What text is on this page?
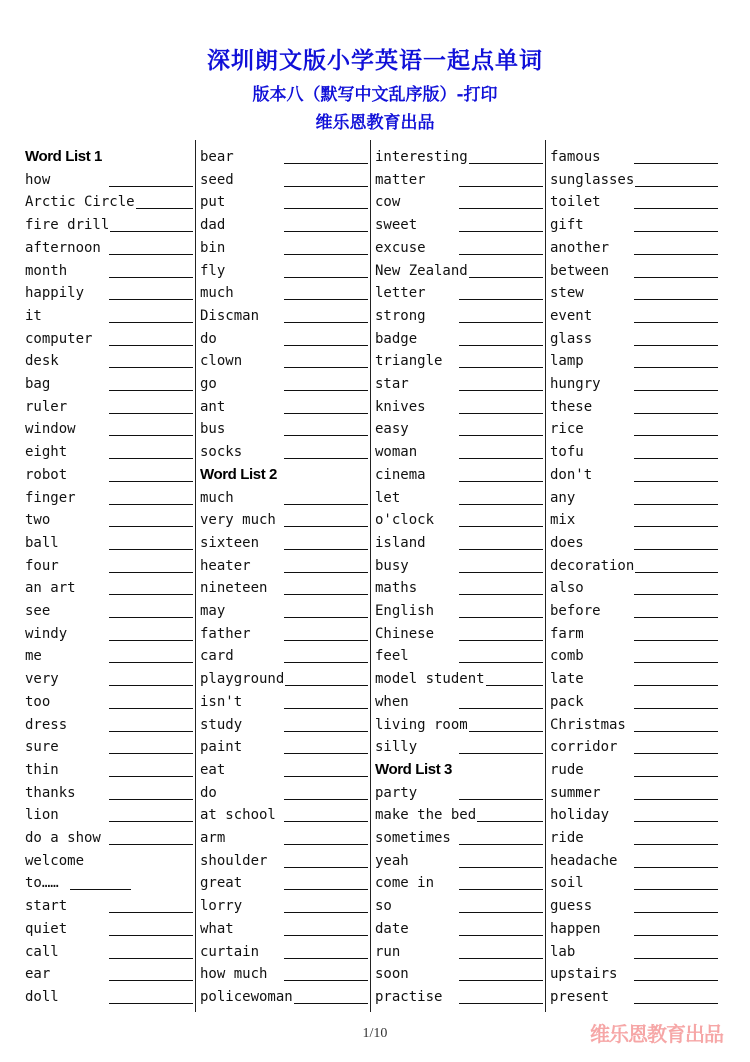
深圳朗文版小学英语一起点单词
版本八（默写中文乱序版）-打印
维乐恩教育出品
Word List 1
how
Arctic Circle
fire drill
afternoon
month
happily
it
computer
desk
bag
ruler
window
eight
robot
finger
two
ball
four
an art
see
windy
me
very
too
dress
sure
thin
thanks
lion
do a show
welcome
to……
start
quiet
call
ear
doll
bear
seed
put
dad
bin
fly
much
Discman
do
clown
go
ant
bus
socks
Word List 2
much
very much
sixteen
heater
nineteen
may
father
card
playground
isn't
study
paint
eat
do
at school
arm
shoulder
great
lorry
what
curtain
how much
policewoman
interesting
matter
cow
sweet
excuse
New Zealand
letter
strong
badge
triangle
star
knives
easy
woman
cinema
let
o'clock
island
busy
maths
English
Chinese
feel
model student
when
living room
silly
Word List 3
party
make the bed
sometimes
yeah
come in
so
date
run
soon
practise
famous
sunglasses
toilet
gift
another
between
stew
event
glass
lamp
hungry
these
rice
tofu
don't
any
mix
does
decoration
also
before
farm
comb
late
pack
Christmas
corridor
rude
summer
holiday
ride
headache
soil
guess
happen
lab
upstairs
present
1/10	维乐恩教育出品
